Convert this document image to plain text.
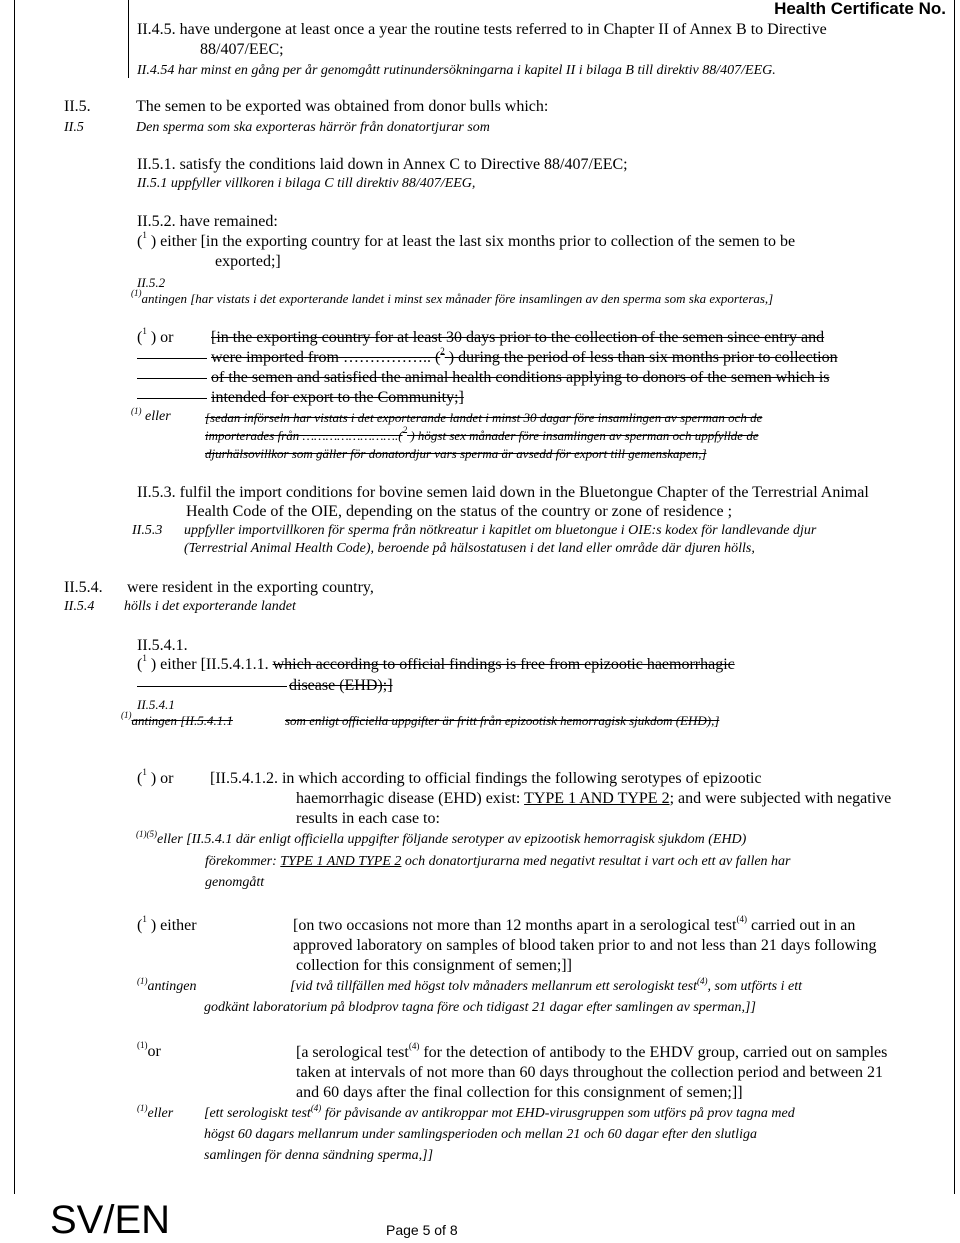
Health Certificate No.
II.4.5. have undergone at least once a year the routine tests referred to in Chapter II of Annex B to Directive
88/407/EEC;
II.4.54 har minst en gång per år genomgått rutinundersökningarna i kapitel II i bilaga B till direktiv 88/407/EEG.
II.5.	The semen to be exported was obtained from donor bulls which:
II.5	Den sperma som ska exporteras härrör från donatortjurar som
II.5.1. satisfy the conditions laid down in Annex C to Directive 88/407/EEC;
II.5.1 uppfyller villkoren i bilaga C till direktiv 88/407/EEG,
II.5.2. have remained:
($^1$ ) either [in the exporting country for at least the last six months prior to collection of the semen to be
exported;]
II.5.2
$^{(1)}$antingen [har vistats i det exporterande landet i minst sex månader före insamlingen av den sperma som ska exporteras,]
($^1$ ) or [in the exporting country for at least 30 days prior to the collection of the semen since entry and
were imported from …………….. ($^2$ ) during the period of less than six months prior to collection
of the semen and satisfied the animal health conditions applying to donors of the semen which is
intended for export to the Community;]
$^{(1)}$ eller	[sedan införseln har vistats i det exporterande landet i minst 30 dagar före insamlingen av sperman och de
importerades från …………………….($^2$ ) högst sex månader före insamlingen av sperman och uppfyllde de
djurhälsovillkor som gäller för donatordjur vars sperma är avsedd för export till gemenskapen,]
II.5.3. fulfil the import conditions for bovine semen laid down in the Bluetongue Chapter of the Terrestrial Animal
Health Code of the OIE, depending on the status of the country or zone of residence ;
II.5.3 uppfyller importvillkoren för sperma från nötkreatur i kapitlet om bluetongue i OIE:s kodex för landlevande djur
(Terrestrial Animal Health Code), beroende på hälsostatusen i det land eller område där djuren hölls,
II.5.4. were resident in the exporting country,
II.5.4 hölls i det exporterande landet
II.5.4.1.
($^1$ ) either [II.5.4.1.1. which according to official findings is free from epizootic haemorrhagic
disease (EHD);]
II.5.4.1
$^{(1)}$antingen [II.5.4.1.1	som enligt officiella uppgifter är fritt från epizootisk hemorragisk sjukdom (EHD),]
($^1$ ) or [II.5.4.1.2. in which according to official findings the following serotypes of epizootic
haemorrhagic disease (EHD) exist: TYPE 1 AND TYPE 2; and were subjected with negative
results in each case to:
$^{(1)(5)}$eller [II.5.4.1 där enligt officiella uppgifter följande serotyper av epizootisk hemorragisk sjukdom (EHD)
förekommer: TYPE 1 AND TYPE 2 och donatortjurarna med negativt resultat i vart och ett av fallen har
genomgått
($^1$ ) either	[on two occasions not more than 12 months apart in a serological test$^{(4)}$ carried out in an
approved laboratory on samples of blood taken prior to and not less than 21 days following
collection for this consignment of semen;]]
$^{(1)}$antingen	[vid två tillfällen med högst tolv månaders mellanrum ett serologiskt test$^{(4)}$, som utförts i ett
godkänt laboratorium på blodprov tagna före och tidigast 21 dagar efter samlingen av sperman,]]
$^{(1)}$or	[a serological test$^{(4)}$ for the detection of antibody to the EHDV group, carried out on samples
taken at intervals of not more than 60 days throughout the collection period and between 21
and 60 days after the final collection for this consignment of semen;]]
$^{(1)}$eller [ett serologiskt test$^{(4)}$ för påvisande av antikroppar mot EHD-virusgruppen som utförs på prov tagna med
högst 60 dagars mellanrum under samlingsperioden och mellan 21 och 60 dagar efter den slutliga
samlingen för denna sändning sperma,]]
SV/EN	Page 5 of 8
